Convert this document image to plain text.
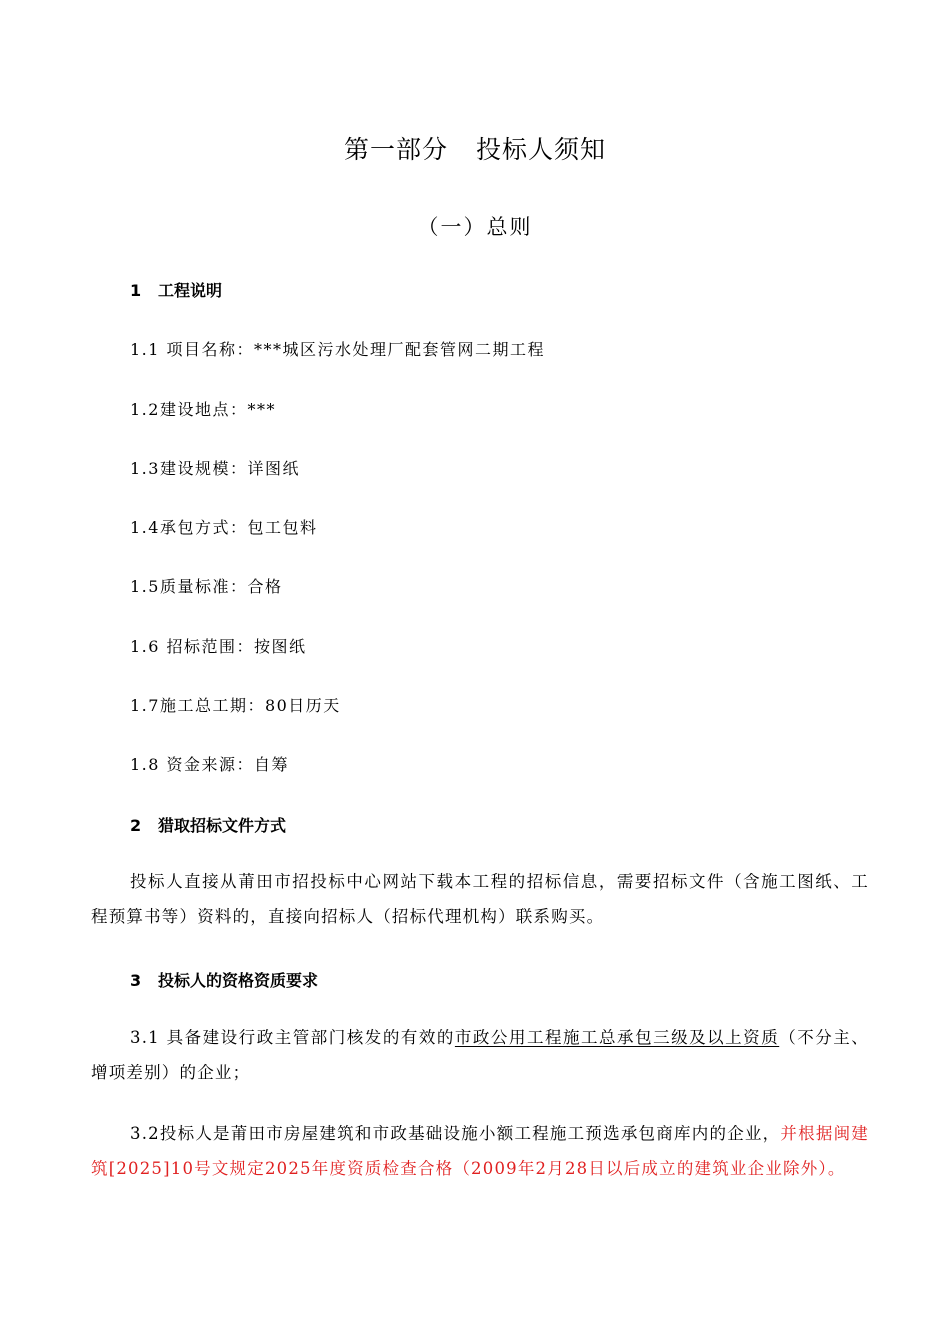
第一部分 投标人须知
（一）总则
1 工程说明
1.1 项目名称：***城区污水处理厂配套管网二期工程
1.2建设地点：***
1.3建设规模：详图纸
1.4承包方式：包工包料
1.5质量标准：合格
1.6 招标范围：按图纸
1.7施工总工期：80日历天
1.8 资金来源：自筹
2 猎取招标文件方式
投标人直接从莆田市招投标中心网站下载本工程的招标信息，需要招标文件（含施工图纸、工程预算书等）资料的，直接向招标人（招标代理机构）联系购买。
3 投标人的资格资质要求
3.1 具备建设行政主管部门核发的有效的市政公用工程施工总承包三级及以上资质（不分主、增项差别）的企业；
3.2投标人是莆田市房屋建筑和市政基础设施小额工程施工预选承包商库内的企业，并根据闽建筑[2025]10号文规定2025年度资质检查合格（2009年2月28日以后成立的建筑业企业除外）。
